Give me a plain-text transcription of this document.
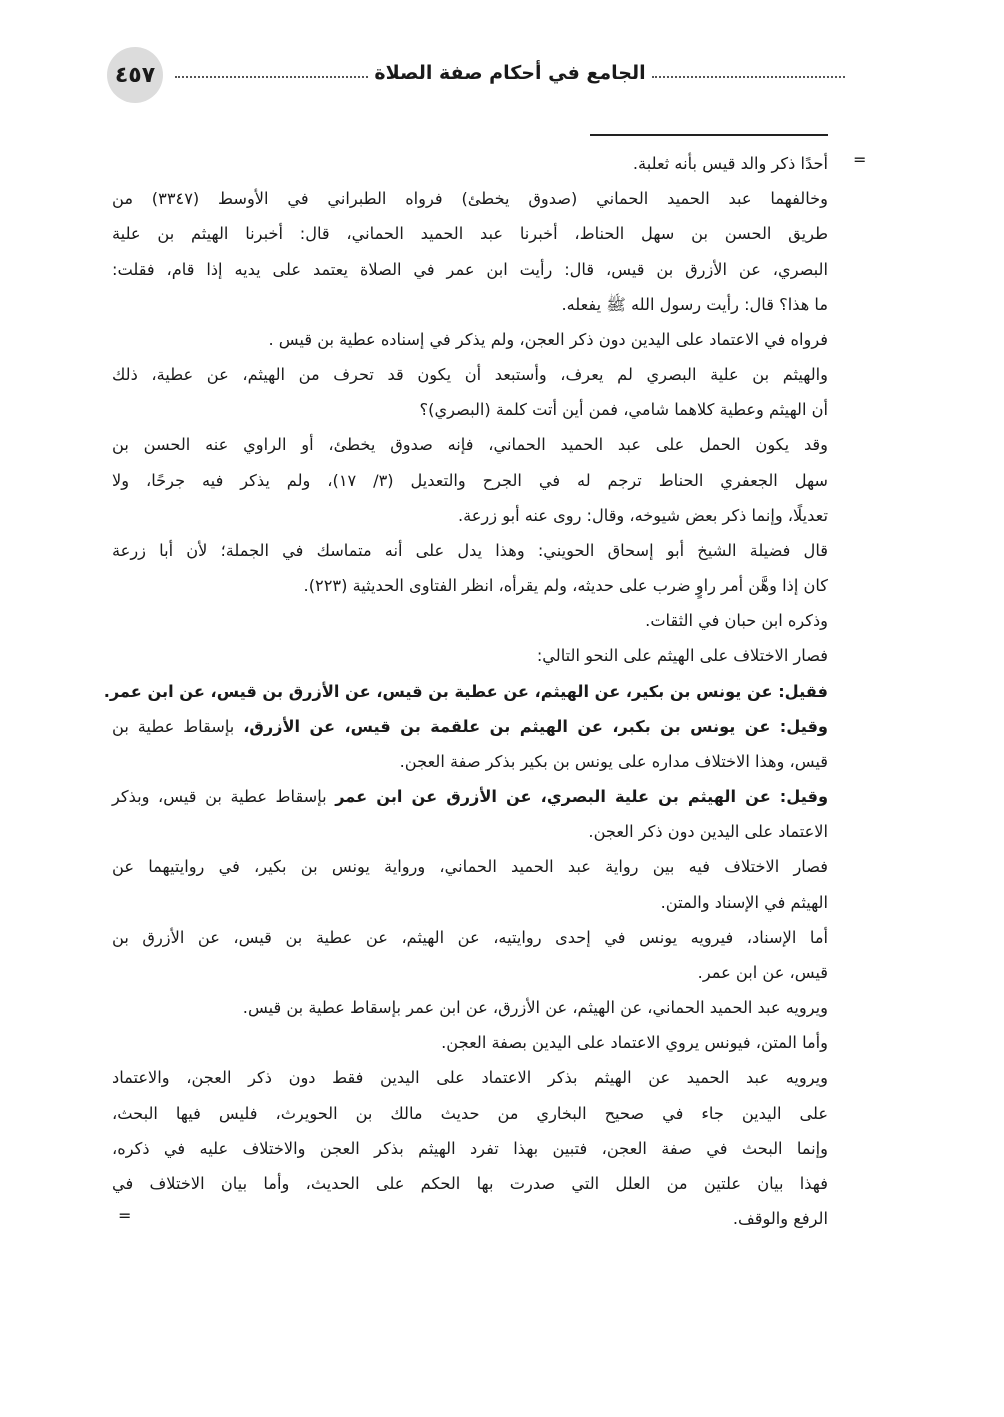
٤٥٧	الجامع في أحكام صفة الصلاة
=
=
أحدًا ذكر والد قيس بأنه ثعلبة.
وخالفهما عبد الحميد الحماني (صدوق يخطئ) فرواه الطبراني في الأوسط (٣٣٤٧) من
طريق الحسن بن سهل الحناط، أخبرنا عبد الحميد الحماني، قال: أخبرنا الهيثم بن علية
البصري، عن الأزرق بن قيس، قال: رأيت ابن عمر في الصلاة يعتمد على يديه إذا قام، فقلت:
ما هذا؟ قال: رأيت رسول الله ﷺ يفعله.
فرواه في الاعتماد على اليدين دون ذكر العجن، ولم يذكر في إسناده عطية بن قيس .
والهيثم بن علية البصري لم يعرف، وأستبعد أن يكون قد تحرف من الهيثم، عن عطية، ذلك
أن الهيثم وعطية كلاهما شامي، فمن أين أتت كلمة (البصري)؟
وقد يكون الحمل على عبد الحميد الحماني، فإنه صدوق يخطئ، أو الراوي عنه الحسن بن
سهل الجعفري الحناط ترجم له في الجرح والتعديل (٣/ ١٧)، ولم يذكر فيه جرحًا، ولا
تعديلًا، وإنما ذكر بعض شيوخه، وقال: روى عنه أبو زرعة.
قال فضيلة الشيخ أبو إسحاق الحويني: وهذا يدل على أنه متماسك في الجملة؛ لأن أبا زرعة
كان إذا وهَّن أمر راوٍ ضرب على حديثه، ولم يقرأه، انظر الفتاوى الحديثية (٢٢٣).
وذكره ابن حبان في الثقات.
فصار الاختلاف على الهيثم على النحو التالي:
فقيل: عن يونس بن بكير، عن الهيثم، عن عطية بن قيس، عن الأزرق بن قيس، عن ابن عمر.
وقيل: عن يونس بن بكبر، عن الهيثم بن علقمة بن قيس، عن الأزرق، بإسقاط عطية بن
قيس، وهذا الاختلاف مداره على يونس بن بكير بذكر صفة العجن.
وقيل: عن الهيثم بن علية البصري، عن الأزرق عن ابن عمر بإسقاط عطية بن قيس، وبذكر
الاعتماد على اليدين دون ذكر العجن.
فصار الاختلاف فيه بين رواية عبد الحميد الحماني، ورواية يونس بن بكير، في روايتيهما عن
الهيثم في الإسناد والمتن.
أما الإسناد، فيرويه يونس في إحدى روايتيه، عن الهيثم، عن عطية بن قيس، عن الأزرق بن
قيس، عن ابن عمر.
ويرويه عبد الحميد الحماني، عن الهيثم، عن الأزرق، عن ابن عمر بإسقاط عطية بن قيس.
وأما المتن، فيونس يروي الاعتماد على اليدين بصفة العجن.
ويرويه عبد الحميد عن الهيثم بذكر الاعتماد على اليدين فقط دون ذكر العجن، والاعتماد
على اليدين جاء في صحيح البخاري من حديث مالك بن الحويرث، فليس فيها البحث،
وإنما البحث في صفة العجن، فتبين بهذا تفرد الهيثم بذكر العجن والاختلاف عليه في ذكره،
فهذا بيان علتين من العلل التي صدرت بها الحكم على الحديث، وأما بيان الاختلاف في
الرفع والوقف.
